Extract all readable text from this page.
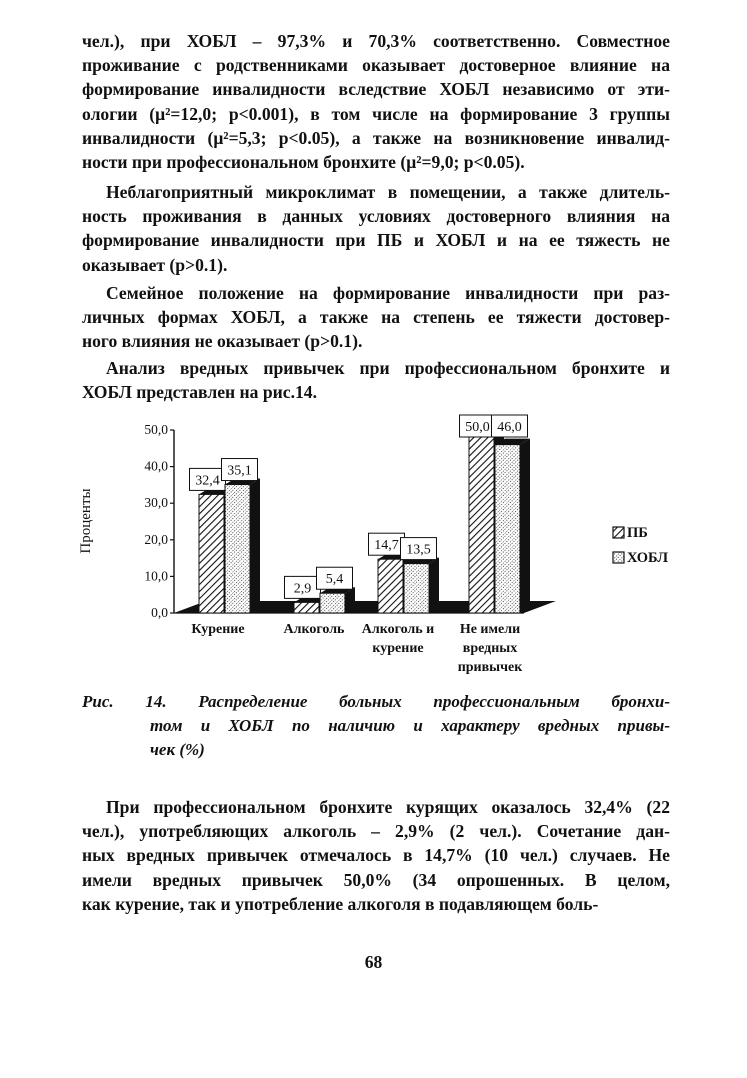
чел.), при ХОБЛ – 97,3% и 70,3% соответственно. Совместное
проживание с родственниками оказывает достоверное влияние на
формирование инвалидности вследствие ХОБЛ независимо от эти-
ологии (μ²=12,0; p<0.001), в том числе на формирование 3 группы
инвалидности (μ²=5,3; p<0.05), а также на возникновение инвалид-
ности при профессиональном бронхите (μ²=9,0; p<0.05).
Неблагоприятный микроклимат в помещении, а также длитель-
ность проживания в данных условиях достоверного влияния на
формирование инвалидности при ПБ и ХОБЛ и на ее тяжесть не
оказывает (p>0.1).
Семейное положение на формирование инвалидности при раз-
личных формах ХОБЛ, а также на степень ее тяжести достовер-
ного влияния не оказывает (p>0.1).
Анализ вредных привычек при профессиональном бронхите и
ХОБЛ представлен на рис.14.
0,0
10,0
20,0
30,0
40,0
50,0
Проценты
32,4
2,9
14,7
50,0
35,1
5,4
13,5
46,0
Курение	Алкоголь Алкоголь и
курение
Не имели
вредных
привычек
ПБ
ХОБЛ
Рис. 14. Распределение больных профессиональным бронхи-
том и ХОБЛ по наличию и характеру вредных привы-
чек (%)
При профессиональном бронхите курящих оказалось 32,4% (22
чел.), употребляющих алкоголь – 2,9% (2 чел.). Сочетание дан-
ных вредных привычек отмечалось в 14,7% (10 чел.) случаев. Не
имели вредных привычек 50,0% (34 опрошенных. В целом,
как курение, так и употребление алкоголя в подавляющем боль-
68
